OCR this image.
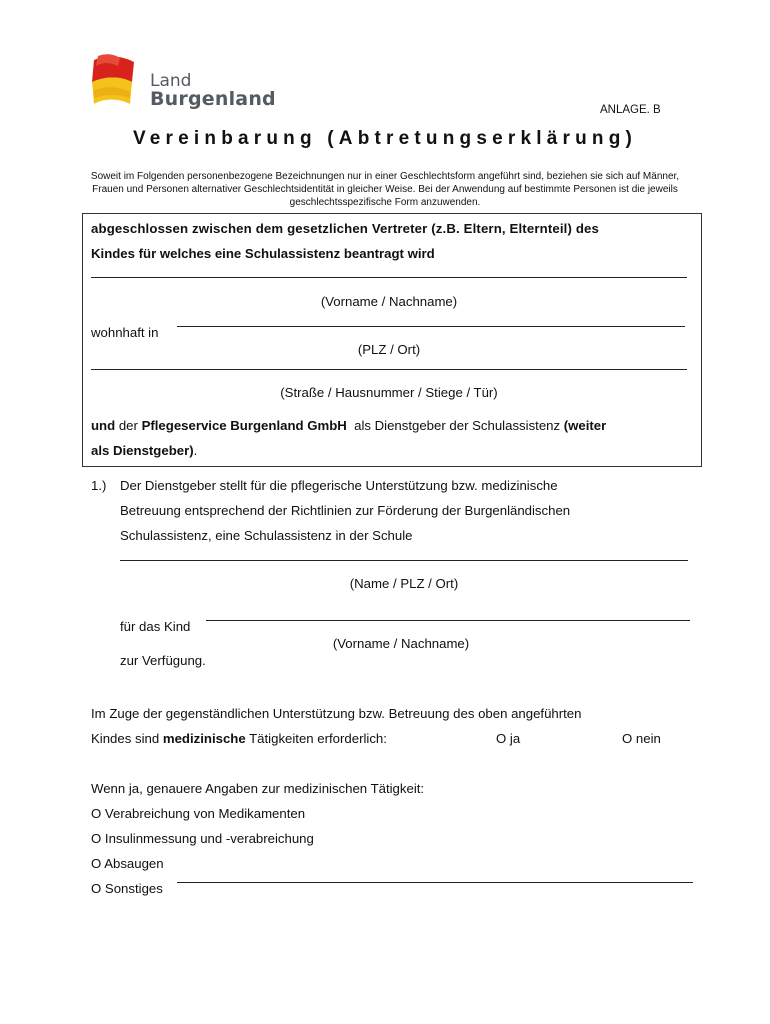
Land
Burgenland	ANLAGE. B
Vereinbarung (Abtretungserklärung)
Soweit im Folgenden personenbezogene Bezeichnungen nur in einer Geschlechtsform angeführt sind, beziehen sie sich auf Männer, Frauen und Personen alternativer Geschlechtsidentität in gleicher Weise. Bei der Anwendung auf bestimmte Personen ist die jeweils geschlechtsspezifische Form anzuwenden.
abgeschlossen zwischen dem gesetzlichen Vertreter (z.B. Eltern, Elternteil) des
Kindes für welches eine Schulassistenz beantragt wird
(Vorname / Nachname)
wohnhaft in
(PLZ / Ort)
(Straße / Hausnummer / Stiege / Tür)
und der Pflegeservice Burgenland GmbH als Dienstgeber der Schulassistenz (weiter
als Dienstgeber).
1.) Der Dienstgeber stellt für die pflegerische Unterstützung bzw. medizinische
Betreuung entsprechend der Richtlinien zur Förderung der Burgenländischen
Schulassistenz, eine Schulassistenz in der Schule
(Name / PLZ / Ort)
für das Kind
(Vorname / Nachname)
zur Verfügung.
Im Zuge der gegenständlichen Unterstützung bzw. Betreuung des oben angeführten
Kindes sind medizinische Tätigkeiten erforderlich:	O ja	O nein
Wenn ja, genauere Angaben zur medizinischen Tätigkeit:
O Verabreichung von Medikamenten
O Insulinmessung und -verabreichung
O Absaugen
O Sonstiges
